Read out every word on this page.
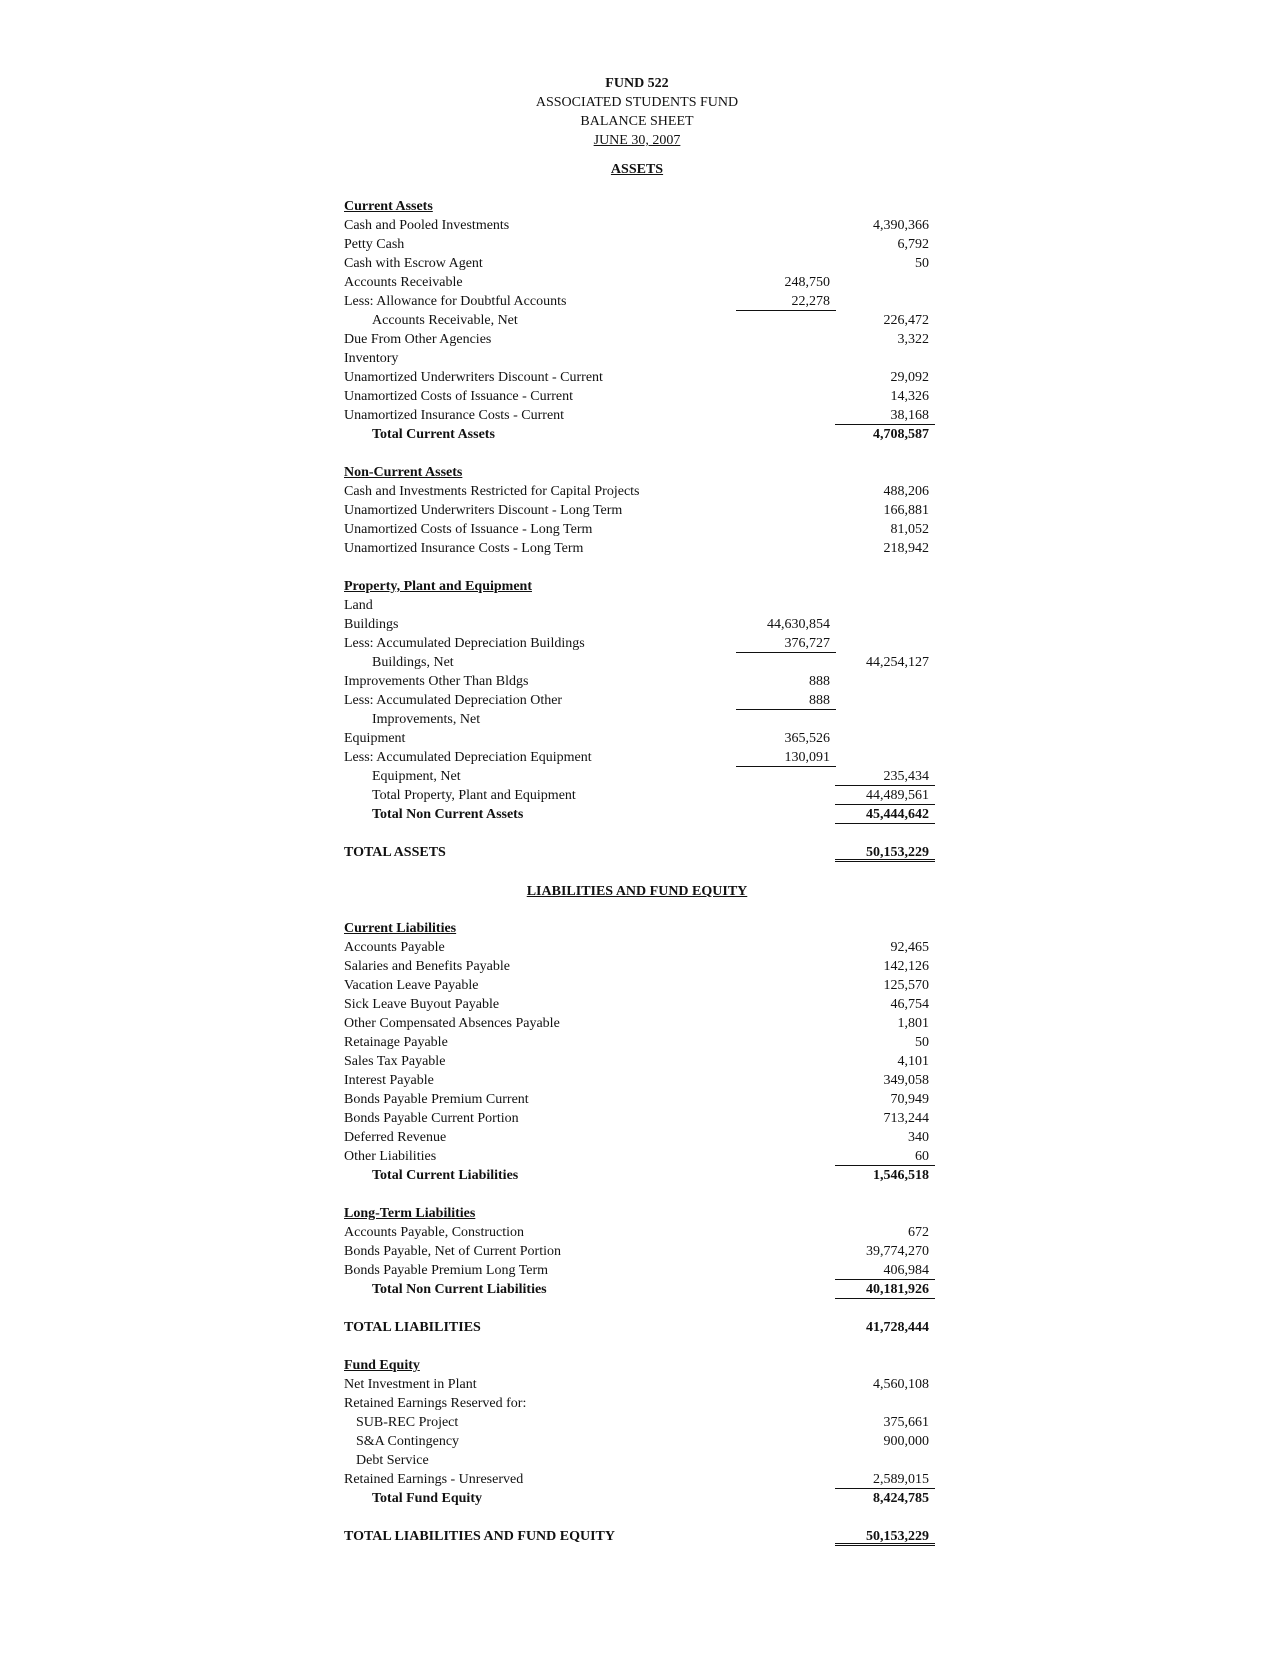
FUND 522
ASSOCIATED STUDENTS FUND
BALANCE SHEET
JUNE 30, 2007
ASSETS
Current Assets
Cash and Pooled Investments	4,390,366
Petty Cash	6,792
Cash with Escrow Agent	50
Accounts Receivable	248,750
Less: Allowance for Doubtful Accounts	22,278
Accounts Receivable, Net	226,472
Due From Other Agencies	3,322
Inventory
Unamortized Underwriters Discount - Current	29,092
Unamortized Costs of Issuance - Current	14,326
Unamortized Insurance Costs - Current	38,168
Total Current Assets	4,708,587
Non-Current Assets
Cash and Investments Restricted for Capital Projects	488,206
Unamortized Underwriters Discount - Long Term	166,881
Unamortized Costs of Issuance - Long Term	81,052
Unamortized Insurance Costs - Long Term	218,942
Property, Plant and Equipment
Land
Buildings	44,630,854
Less: Accumulated Depreciation Buildings	376,727
Buildings, Net	44,254,127
Improvements Other Than Bldgs	888
Less: Accumulated Depreciation Other	888
Improvements, Net
Equipment	365,526
Less: Accumulated Depreciation Equipment	130,091
Equipment, Net	235,434
Total Property, Plant and Equipment	44,489,561
Total Non Current Assets	45,444,642
TOTAL ASSETS	50,153,229
LIABILITIES AND FUND EQUITY
Current Liabilities
Accounts Payable	92,465
Salaries and Benefits Payable	142,126
Vacation Leave Payable	125,570
Sick Leave Buyout Payable	46,754
Other Compensated Absences Payable	1,801
Retainage Payable	50
Sales Tax Payable	4,101
Interest Payable	349,058
Bonds Payable Premium Current	70,949
Bonds Payable Current Portion	713,244
Deferred Revenue	340
Other Liabilities	60
Total Current Liabilities	1,546,518
Long-Term Liabilities
Accounts Payable, Construction	672
Bonds Payable, Net of Current Portion	39,774,270
Bonds Payable Premium Long Term	406,984
Total Non Current Liabilities	40,181,926
TOTAL LIABILITIES	41,728,444
Fund Equity
Net Investment in Plant	4,560,108
Retained Earnings Reserved for:
SUB-REC Project	375,661
S&A Contingency	900,000
Debt Service
Retained Earnings - Unreserved	2,589,015
Total Fund Equity	8,424,785
TOTAL LIABILITIES AND FUND EQUITY	50,153,229
